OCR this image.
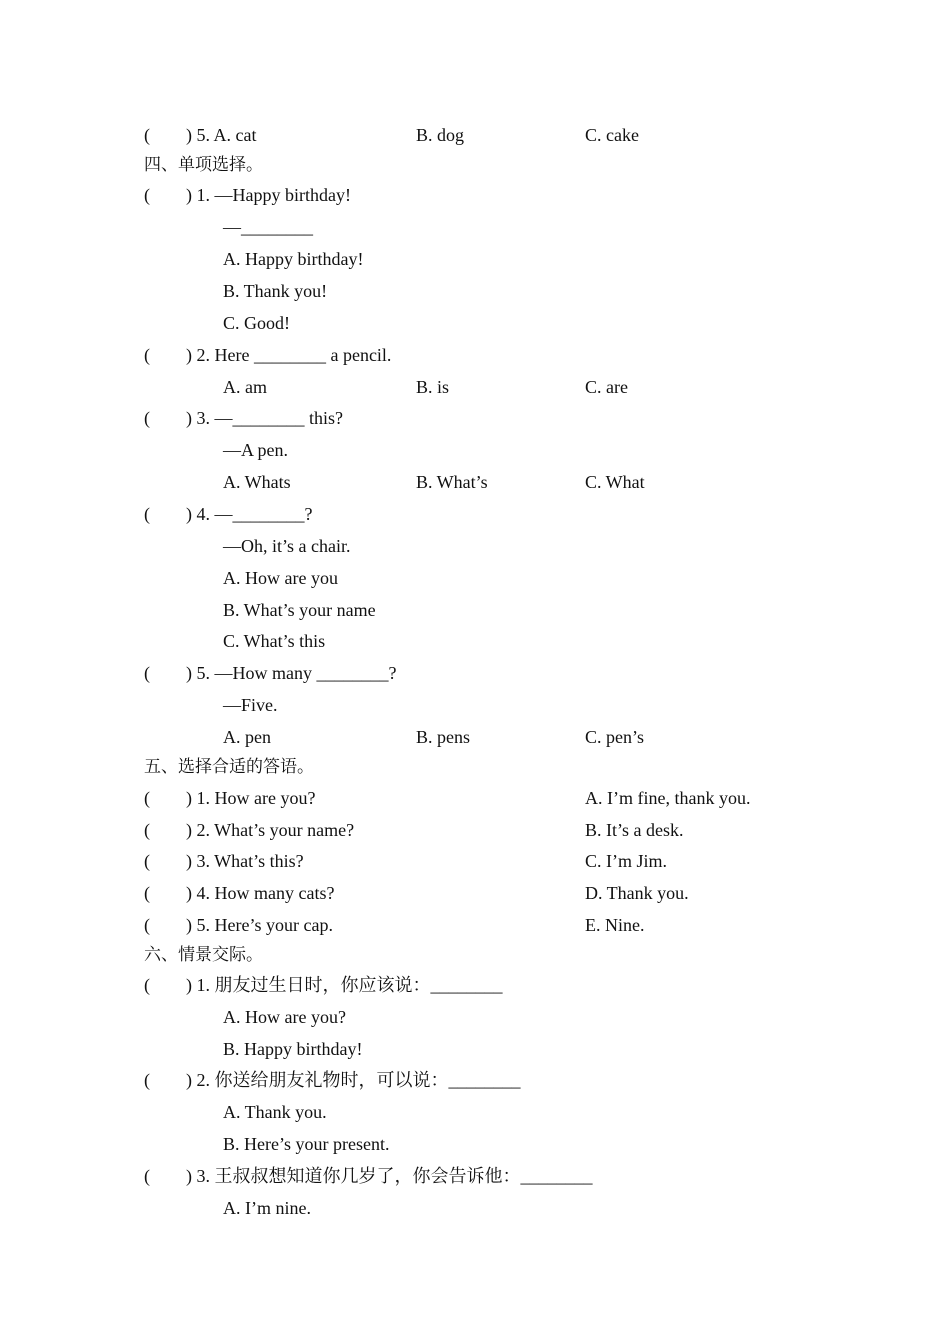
(        ) 5. A. cat	B. dog	C. cake
四、单项选择。
(        ) 1. —Happy birthday!
—________
A. Happy birthday!
B. Thank you!
C. Good!
(        ) 2. Here ________ a pencil.
A. am	B. is	C. are
(        ) 3. —________ this?
—A pen.
A. Whats	B. What’s	C. What
(        ) 4. —________?
—Oh, it’s a chair.
A. How are you
B. What’s your name
C. What’s this
(        ) 5. —How many ________?
—Five.
A. pen	B. pens	C. pen’s
五、选择合适的答语。
(        ) 1. How are you?	A. I’m fine, thank you.
(        ) 2. What’s your name?	B. It’s a desk.
(        ) 3. What’s this?	C. I’m Jim.
(        ) 4. How many cats?	D. Thank you.
(        ) 5. Here’s your cap.	E. Nine.
六、情景交际。
(        ) 1. 朋友过生日时，你应该说：________
A. How are you?
B. Happy birthday!
(        ) 2. 你送给朋友礼物时，可以说：________
A. Thank you.
B. Here’s your present.
(        ) 3. 王叔叔想知道你几岁了，你会告诉他：________
A. I’m nine.
